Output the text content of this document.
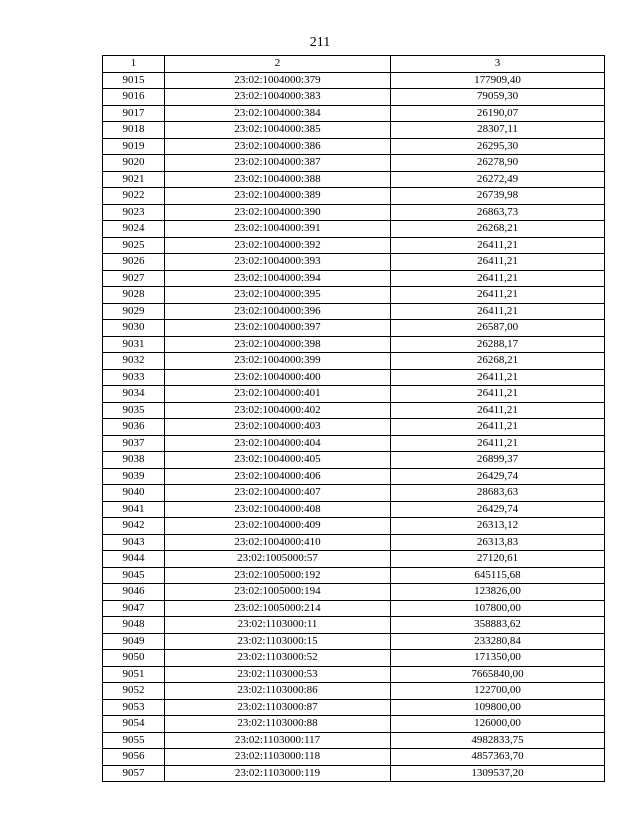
211
1	2	3
9015	23:02:1004000:379	177909,40
9016	23:02:1004000:383	79059,30
9017	23:02:1004000:384	26190,07
9018	23:02:1004000:385	28307,11
9019	23:02:1004000:386	26295,30
9020	23:02:1004000:387	26278,90
9021	23:02:1004000:388	26272,49
9022	23:02:1004000:389	26739,98
9023	23:02:1004000:390	26863,73
9024	23:02:1004000:391	26268,21
9025	23:02:1004000:392	26411,21
9026	23:02:1004000:393	26411,21
9027	23:02:1004000:394	26411,21
9028	23:02:1004000:395	26411,21
9029	23:02:1004000:396	26411,21
9030	23:02:1004000:397	26587,00
9031	23:02:1004000:398	26288,17
9032	23:02:1004000:399	26268,21
9033	23:02:1004000:400	26411,21
9034	23:02:1004000:401	26411,21
9035	23:02:1004000:402	26411,21
9036	23:02:1004000:403	26411,21
9037	23:02:1004000:404	26411,21
9038	23:02:1004000:405	26899,37
9039	23:02:1004000:406	26429,74
9040	23:02:1004000:407	28683,63
9041	23:02:1004000:408	26429,74
9042	23:02:1004000:409	26313,12
9043	23:02:1004000:410	26313,83
9044	23:02:1005000:57	27120,61
9045	23:02:1005000:192	645115,68
9046	23:02:1005000:194	123826,00
9047	23:02:1005000:214	107800,00
9048	23:02:1103000:11	358883,62
9049	23:02:1103000:15	233280,84
9050	23:02:1103000:52	171350,00
9051	23:02:1103000:53	7665840,00
9052	23:02:1103000:86	122700,00
9053	23:02:1103000:87	109800,00
9054	23:02:1103000:88	126000,00
9055	23:02:1103000:117	4982833,75
9056	23:02:1103000:118	4857363,70
9057	23:02:1103000:119	1309537,20
